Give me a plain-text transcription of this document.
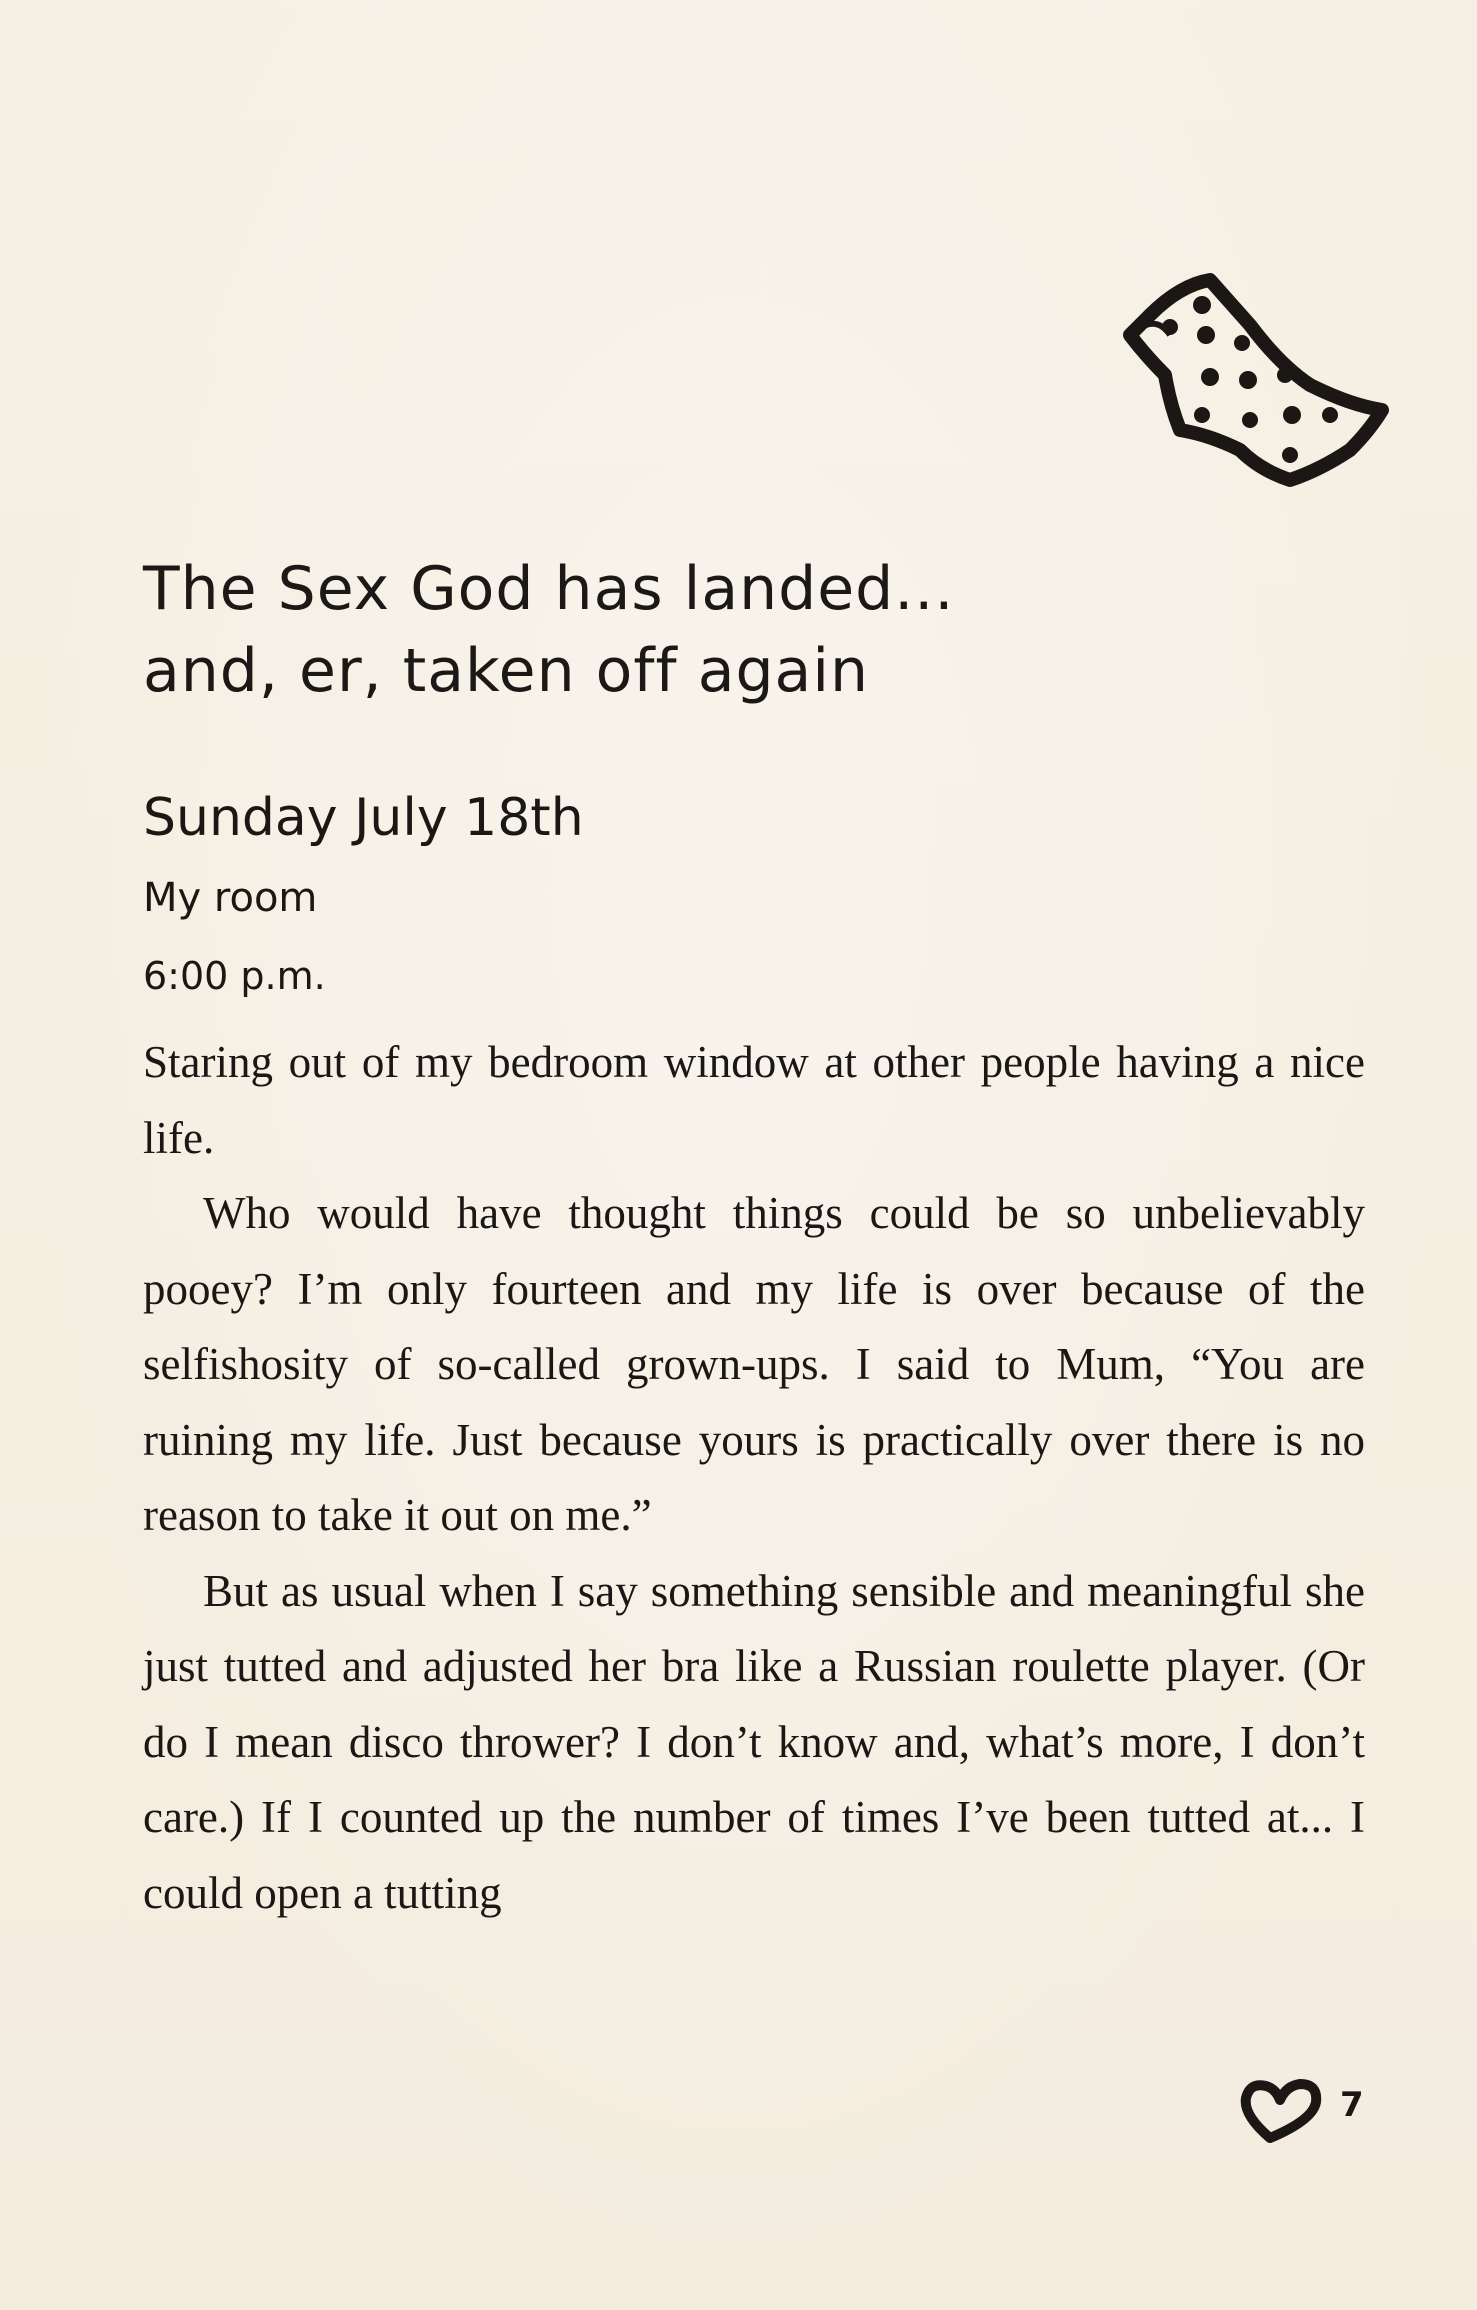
The Sex God has landed...
and, er, taken off again
Sunday July 18th
My room
6:00 p.m.

Staring out of my bedroom window at other people having a nice life.

Who would have thought things could be so unbelievably pooey? I’m only fourteen and my life is over because of the selfishosity of so-called grown-ups. I said to Mum, “You are ruining my life. Just because yours is practically over there is no reason to take it out on me.”

But as usual when I say something sensible and meaningful she just tutted and adjusted her bra like a Russian roulette player. (Or do I mean disco thrower? I don’t know and, what’s more, I don’t care.) If I counted up the number of times I’ve been tutted at... I could open a tutting

7
